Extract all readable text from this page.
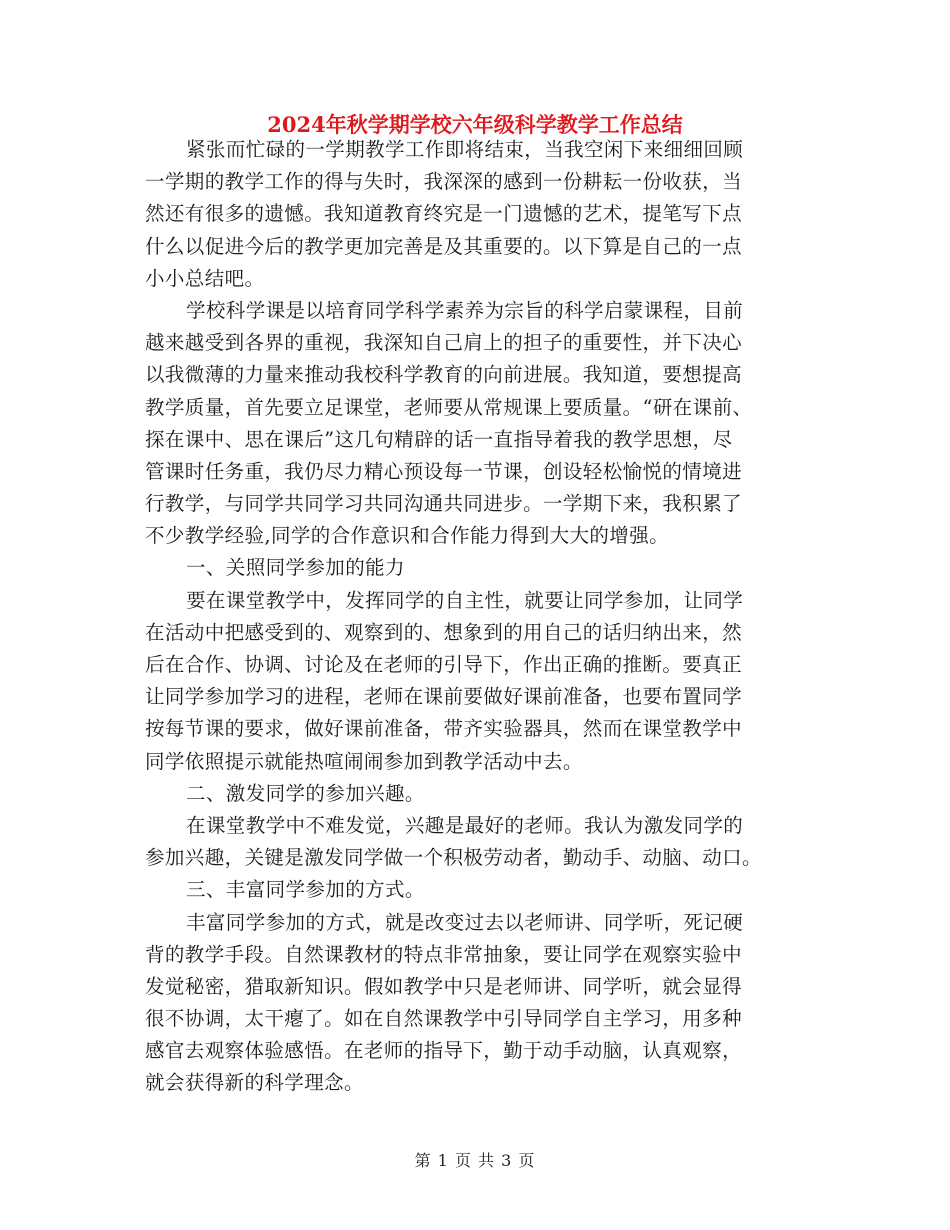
2024年秋学期学校六年级科学教学工作总结
紧张而忙碌的一学期教学工作即将结束，当我空闲下来细细回顾
一学期的教学工作的得与失时，我深深的感到一份耕耘一份收获，当
然还有很多的遗憾。我知道教育终究是一门遗憾的艺术，提笔写下点
什么以促进今后的教学更加完善是及其重要的。以下算是自己的一点
小小总结吧。
学校科学课是以培育同学科学素养为宗旨的科学启蒙课程，目前
越来越受到各界的重视，我深知自己肩上的担子的重要性，并下决心
以我微薄的力量来推动我校科学教育的向前进展。我知道，要想提高
教学质量，首先要立足课堂，老师要从常规课上要质量。“研在课前、
探在课中、思在课后”这几句精辟的话一直指导着我的教学思想，尽
管课时任务重，我仍尽力精心预设每一节课，创设轻松愉悦的情境进
行教学，与同学共同学习共同沟通共同进步。一学期下来，我积累了
不少教学经验,同学的合作意识和合作能力得到大大的增强。
一、关照同学参加的能力
要在课堂教学中，发挥同学的自主性，就要让同学参加，让同学
在活动中把感受到的、观察到的、想象到的用自己的话归纳出来，然
后在合作、协调、讨论及在老师的引导下，作出正确的推断。要真正
让同学参加学习的进程，老师在课前要做好课前准备，也要布置同学
按每节课的要求，做好课前准备，带齐实验器具，然而在课堂教学中
同学依照提示就能热喧闹闹参加到教学活动中去。
二、激发同学的参加兴趣。
在课堂教学中不难发觉，兴趣是最好的老师。我认为激发同学的
参加兴趣，关键是激发同学做一个积极劳动者，勤动手、动脑、动口。
三、丰富同学参加的方式。
丰富同学参加的方式，就是改变过去以老师讲、同学听，死记硬
背的教学手段。自然课教材的特点非常抽象，要让同学在观察实验中
发觉秘密，猎取新知识。假如教学中只是老师讲、同学听，就会显得
很不协调，太干瘪了。如在自然课教学中引导同学自主学习，用多种
感官去观察体验感悟。在老师的指导下，勤于动手动脑，认真观察，
就会获得新的科学理念。
第 1 页 共 3 页
